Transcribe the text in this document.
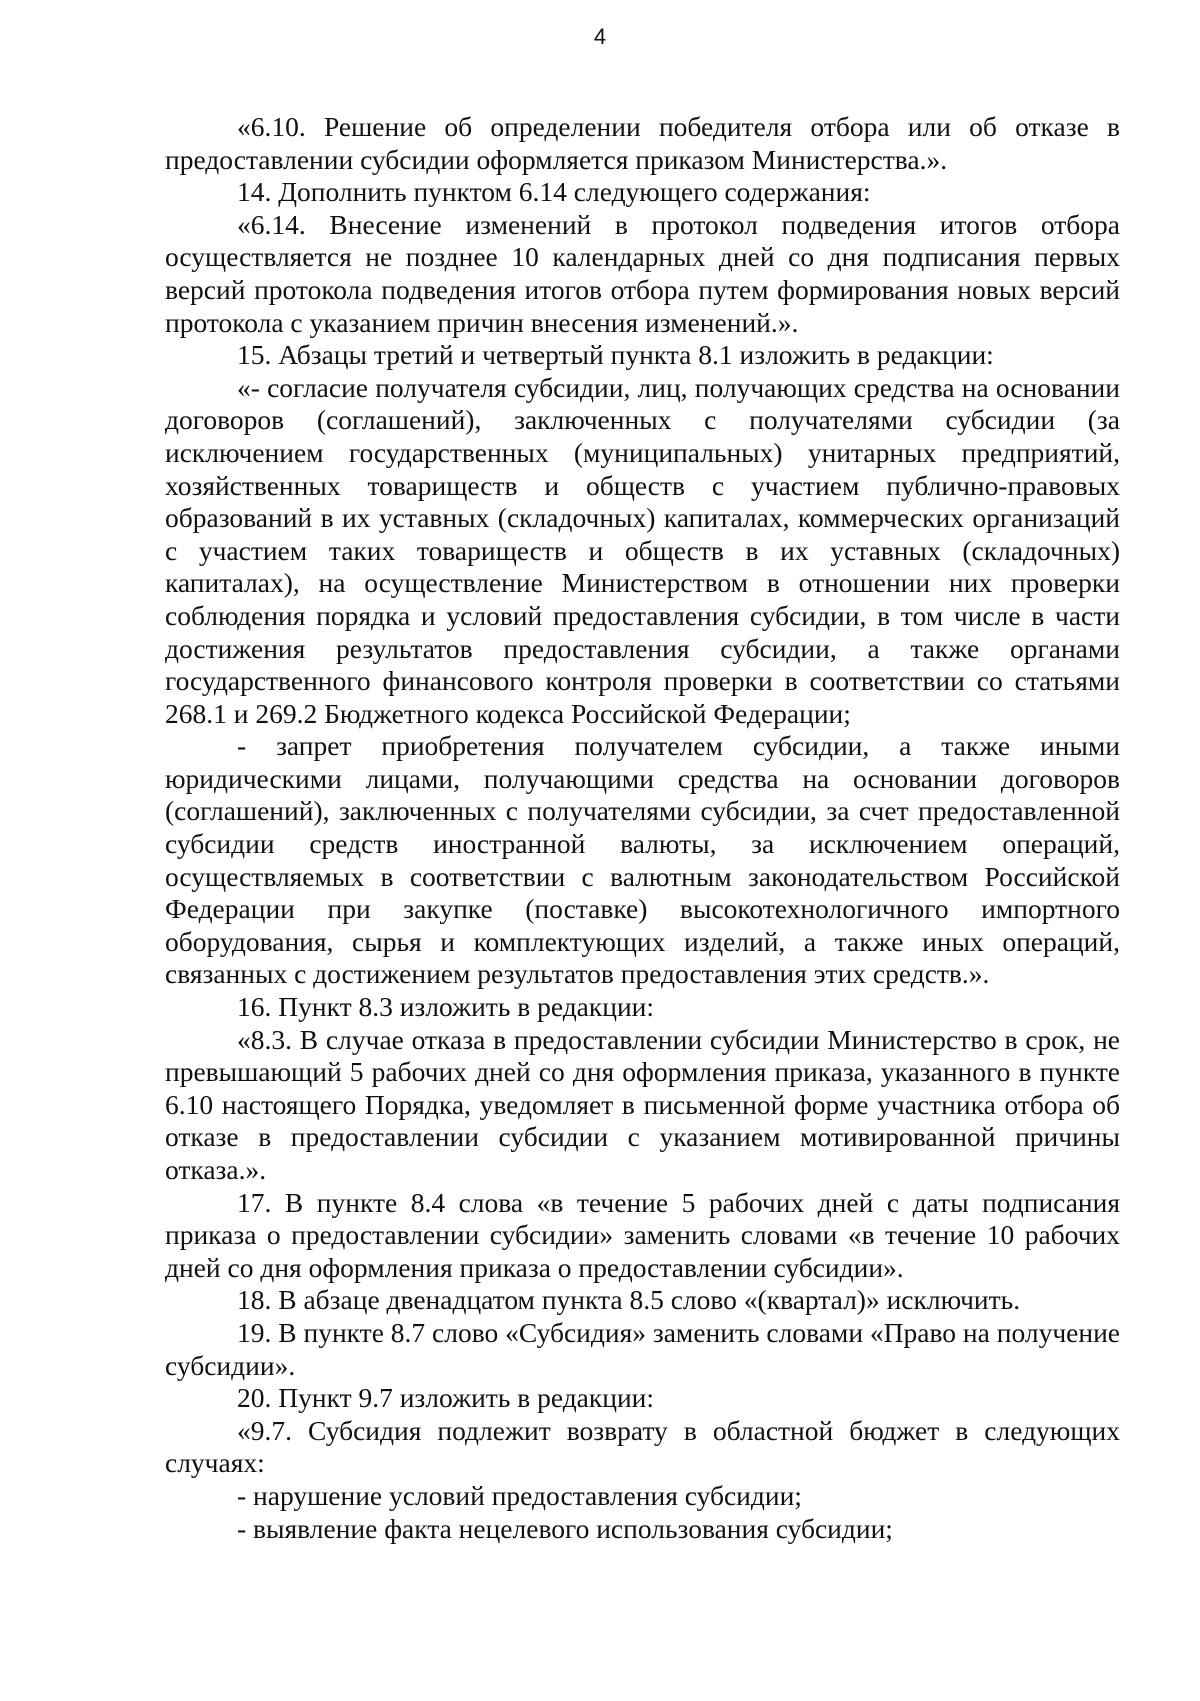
4

«6.10. Решение об определении победителя отбора или об отказе в предоставлении субсидии оформляется приказом Министерства.».

14. Дополнить пунктом 6.14 следующего содержания:

«6.14. Внесение изменений в протокол подведения итогов отбора осуществляется не позднее 10 календарных дней со дня подписания первых версий протокола подведения итогов отбора путем формирования новых версий протокола с указанием причин внесения изменений.».

15. Абзацы третий и четвертый пункта 8.1 изложить в редакции:

«- согласие получателя субсидии, лиц, получающих средства на основании договоров (соглашений), заключенных с получателями субсидии (за исключением государственных (муниципальных) унитарных предприятий, хозяйственных товариществ и обществ с участием публично-правовых образований в их уставных (складочных) капиталах, коммерческих организаций с участием таких товариществ и обществ в их уставных (складочных) капиталах), на осуществление Министерством в отношении них проверки соблюдения порядка и условий предоставления субсидии, в том числе в части достижения результатов предоставления субсидии, а также органами государственного финансового контроля проверки в соответствии со статьями 268.1 и 269.2 Бюджетного кодекса Российской Федерации;

- запрет приобретения получателем субсидии, а также иными юридическими лицами, получающими средства на основании договоров (соглашений), заключенных с получателями субсидии, за счет предоставленной субсидии средств иностранной валюты, за исключением операций, осуществляемых в соответствии с валютным законодательством Российской Федерации при закупке (поставке) высокотехнологичного импортного оборудования, сырья и комплектующих изделий, а также иных операций, связанных с достижением результатов предоставления этих средств.».

16. Пункт 8.3 изложить в редакции:

«8.3. В случае отказа в предоставлении субсидии Министерство в срок, не превышающий 5 рабочих дней со дня оформления приказа, указанного в пункте 6.10 настоящего Порядка, уведомляет в письменной форме участника отбора об отказе в предоставлении субсидии с указанием мотивированной причины отказа.».

17. В пункте 8.4 слова «в течение 5 рабочих дней с даты подписания приказа о предоставлении субсидии» заменить словами «в течение 10 рабочих дней со дня оформления приказа о предоставлении субсидии».

18. В абзаце двенадцатом пункта 8.5 слово «(квартал)» исключить.

19. В пункте 8.7 слово «Субсидия» заменить словами «Право на получение субсидии».

20. Пункт 9.7 изложить в редакции:

«9.7. Субсидия подлежит возврату в областной бюджет в следующих случаях:

- нарушение условий предоставления субсидии;

- выявление факта нецелевого использования субсидии;
